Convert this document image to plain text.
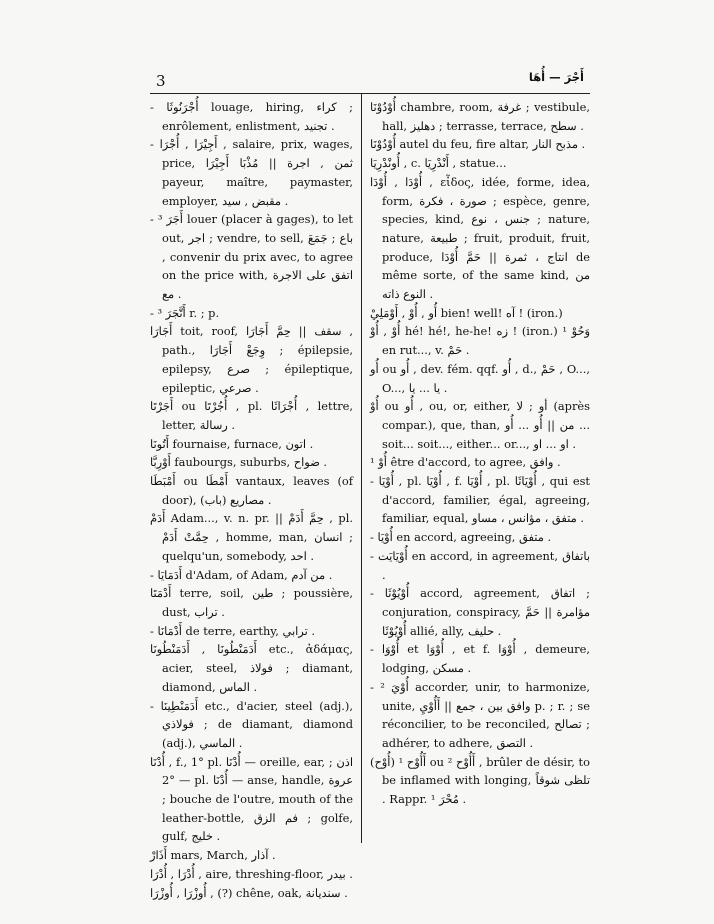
3	أَجْرَ — أُهَا

- أُجْرَنُوثَا louage, hiring, كراء ; enrôlement, enlistment, تجنيد .

- أَجِيْرَا , أُجْرَا , salaire, prix, wages, price, ثمن , اجرة || مُذْبَا أَجِيْرَا payeur, maître, paymaster, employer, مقبض , سيد .

- أَجَرَ ³ louer (placer à gages), to let out, اجر ; vendre, to sell, باع ; جَمَعَ , convenir du prix avec, to agree on the price with, اتفق على الاجرة مع .

- أَتَّجَرَ ³ r. ; p.

أَجَارَا toit, roof, سقف || حِمَّ أَجَارَا , path., وِجَعْ أَجَارَا ; épilepsie, epilepsy, صرع ; épileptique, epileptic, صرعي .

أَجَرْتَا ou أُجُرْتَا , pl. أُجْرَاثَا , lettre, letter, رسالة .

أَتُونَا fournaise, furnace, اتون .

أَوْرِبَّا faubourgs, suburbs, ضواح .

أَمْبَطَا ou أَمْطَا vantaux, leaves (of door), مصاريع (باب) .

أَدَمْ Adam..., v. n. pr. || حِمَّ أَدَمْ , pl. حِمَّتْ أَدَمْ , homme, man, انسان ; quelqu'un, somebody, احد .

- أَدَمَايَا d'Adam, of Adam, من آدم .

أَدْمَتَا terre, soil, طين ; poussière, dust, تراب .

- أَدْمَانَا de terre, earthy, ترابي .

أَدَمَنْطُونَا , أَدَمَنْطُونَا etc., ἀδάμας, acier, steel, فولاذ ; diamant, diamond, الماس .

- أَدَمَنْطِينَا etc., d'acier, steel (adj.), فولاذي ; de diamant, diamond (adj.), الماسي .

أُدْنَا , f., 1° pl. أُدْنَا — oreille, ear, اذن ; 2° — pl. أُدْنَا — anse, handle, عروة ; bouche de l'outre, mouth of the leather-bottle, فم الزق ; golfe, gulf, خليج .

أَذَارْ mars, March, آذار .

أُدْرَا , أُدْرَا , aire, threshing-floor, بيدر .

أُوزْرَا , أُوزْرَا , (?) chêne, oak, سنديانة .

أُوْدُوْنَا chambre, room, غرفة ; vestibule, hall, دهليز ; terrasse, terrace, سطح .

أُوْدُوْنَا autel du feu, fire altar, مذبح النار .

أُونْدْرِيَا , c. أَنْدْرِيَا , statue...

أُوْدَا , أُوْدَا , εἶδος, idée, forme, idea, form, صورة ، فكرة ; espèce, genre, species, kind, جنس ، نوع ; nature, nature, طبيعة ; fruit, produit, fruit, produce, انتاج ، ثمرة || حَمَّ أُوْدَا de même sorte, of the same kind, من النوع ذاته .

أُو , أُوْ , أَوْمَلِيْ bien! well! آه ! (iron.)

أُوْ , أُوْ hé! hé!, he-he! زه ! (iron.) وَحُوْ ¹ en rut..., v. حَمْ .

أُو ou أُو , dev. fém. qqf. أُو , d., حَمْ , O..., O..., يا ... يا .

أُوْ ou أُو , ou, or, either, أو ; لا (après compar.), que, than, من || أُو ... أُو ... soit... soit..., either... or..., او ... او .

أُوْ ¹ être d'accord, to agree, وافق .

- أُوْيَا , pl. أُوْيَا , f. أُوْيَا , pl. أُوْيَاثَا , qui est d'accord, familier, égal, agreeing, familiar, equal, متفق ، مؤانس ، مساو .

- أُوْيَا en accord, agreeing, متفق .

- أُوْيَايَت en accord, in agreement, باتفاق .

- أُوْيُوْثَا accord, agreement, اتفاق ; conjuration, conspiracy, مؤامرة || حَمَّ أُوْيُوْثَا allié, ally, حليف .

- أُوْوَا et أُوْوَا , et f. أُوْوَا , demeure, lodging, مسكن .

- أُوْيَ ² accorder, unir, to harmonize, unite, وافق بين ، جمع || أَأُوْيِ p. ; r. ; se réconcilier, to be reconciled, تصالح ; adhérer, to adhere, التصق .

(أُوْح) أَأُوْح ¹ ou أَأُوْح ² , brûler de désir, to be inflamed with longing, تلظى شوقاً . Rappr. ¹ مُحْرَ .
